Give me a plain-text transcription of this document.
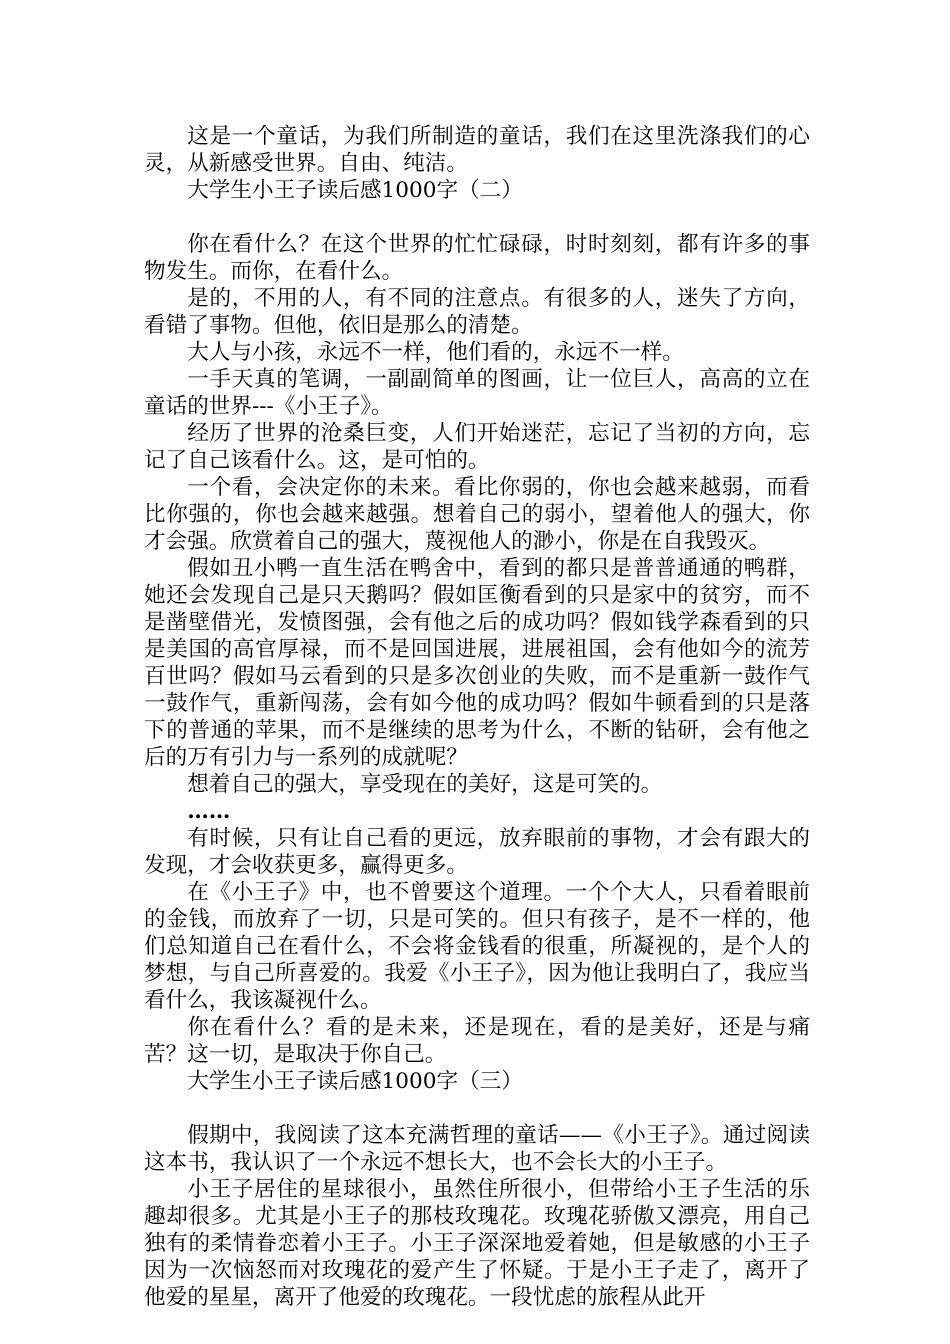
这是一个童话，为我们所制造的童话，我们在这里洗涤我们的心灵，从新感受世界。自由、纯洁。

大学生小王子读后感1000字（二）

你在看什么？在这个世界的忙忙碌碌，时时刻刻，都有许多的事物发生。而你，在看什么。

是的，不用的人，有不同的注意点。有很多的人，迷失了方向，看错了事物。但他，依旧是那么的清楚。

大人与小孩，永远不一样，他们看的，永远不一样。

一手天真的笔调，一副副简单的图画，让一位巨人，高高的立在童话的世界---《小王子》。

经历了世界的沧桑巨变，人们开始迷茫，忘记了当初的方向，忘记了自己该看什么。这，是可怕的。

一个看，会决定你的未来。看比你弱的，你也会越来越弱，而看比你强的，你也会越来越强。想着自己的弱小，望着他人的强大，你才会强。欣赏着自己的强大，蔑视他人的渺小，你是在自我毁灭。

假如丑小鸭一直生活在鸭舍中，看到的都只是普普通通的鸭群，她还会发现自己是只天鹅吗？假如匡衡看到的只是家中的贫穷，而不是凿壁借光，发愤图强，会有他之后的成功吗？假如钱学森看到的只是美国的高官厚禄，而不是回国进展，进展祖国，会有他如今的流芳百世吗？假如马云看到的只是多次创业的失败，而不是重新一鼓作气一鼓作气，重新闯荡，会有如今他的成功吗？假如牛顿看到的只是落下的普通的苹果，而不是继续的思考为什么，不断的钻研，会有他之后的万有引力与一系列的成就呢？

想着自己的强大，享受现在的美好，这是可笑的。

……

有时候，只有让自己看的更远，放弃眼前的事物，才会有跟大的发现，才会收获更多，赢得更多。

在《小王子》中，也不曾要这个道理。一个个大人，只看着眼前的金钱，而放弃了一切，只是可笑的。但只有孩子，是不一样的，他们总知道自己在看什么，不会将金钱看的很重，所凝视的，是个人的梦想，与自己所喜爱的。我爱《小王子》，因为他让我明白了，我应当看什么，我该凝视什么。

你在看什么？看的是未来，还是现在，看的是美好，还是与痛苦？这一切，是取决于你自己。

大学生小王子读后感1000字（三）

假期中，我阅读了这本充满哲理的童话——《小王子》。通过阅读这本书，我认识了一个永远不想长大，也不会长大的小王子。

小王子居住的星球很小，虽然住所很小，但带给小王子生活的乐趣却很多。尤其是小王子的那枝玫瑰花。玫瑰花骄傲又漂亮，用自己独有的柔情眷恋着小王子。小王子深深地爱着她，但是敏感的小王子因为一次恼怒而对玫瑰花的爱产生了怀疑。于是小王子走了，离开了他爱的星星，离开了他爱的玫瑰花。一段忧虑的旅程从此开
